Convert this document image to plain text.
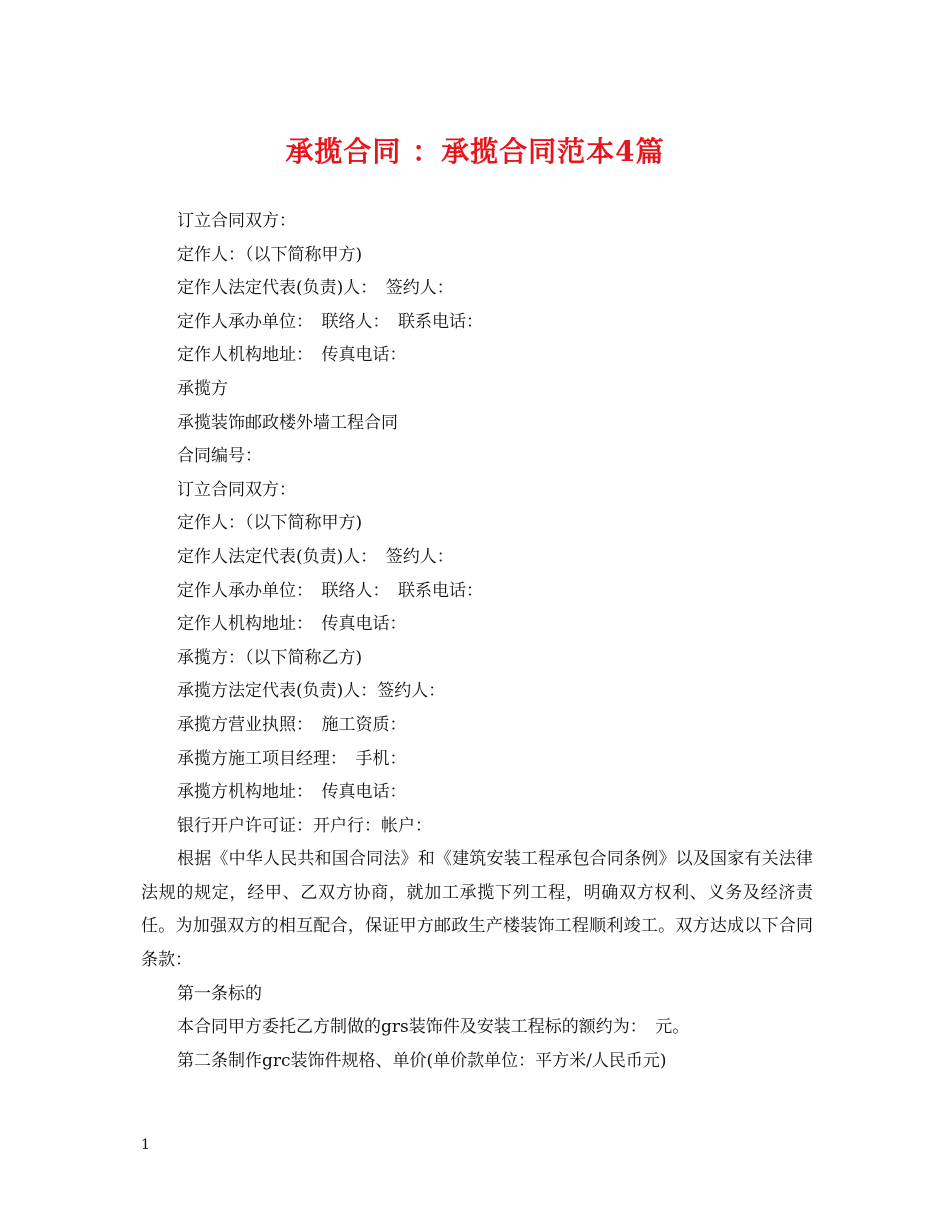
承揽合同 ：承揽合同范本4篇

订立合同双方：

定作人：（以下简称甲方)

定作人法定代表(负责)人：　签约人：

定作人承办单位：　联络人：　联系电话：

定作人机构地址：　传真电话：

承揽方

承揽装饰邮政楼外墙工程合同

合同编号：

订立合同双方：

定作人：（以下简称甲方)

定作人法定代表(负责)人：　签约人：

定作人承办单位：　联络人：　联系电话：

定作人机构地址：　传真电话：

承揽方：（以下简称乙方)

承揽方法定代表(负责)人：签约人：

承揽方营业执照：　施工资质：

承揽方施工项目经理：　手机：

承揽方机构地址：　传真电话：

银行开户许可证：开户行：帐户：

根据《中华人民共和国合同法》和《建筑安装工程承包合同条例》以及国家有关法律法规的规定，经甲、乙双方协商，就加工承揽下列工程，明确双方权利、义务及经济责任。为加强双方的相互配合，保证甲方邮政生产楼装饰工程顺利竣工。双方达成以下合同条款：

第一条标的

本合同甲方委托乙方制做的grs装饰件及安装工程标的额约为：　元。

第二条制作grc装饰件规格、单价(单价款单位：平方米/人民币元)

1
